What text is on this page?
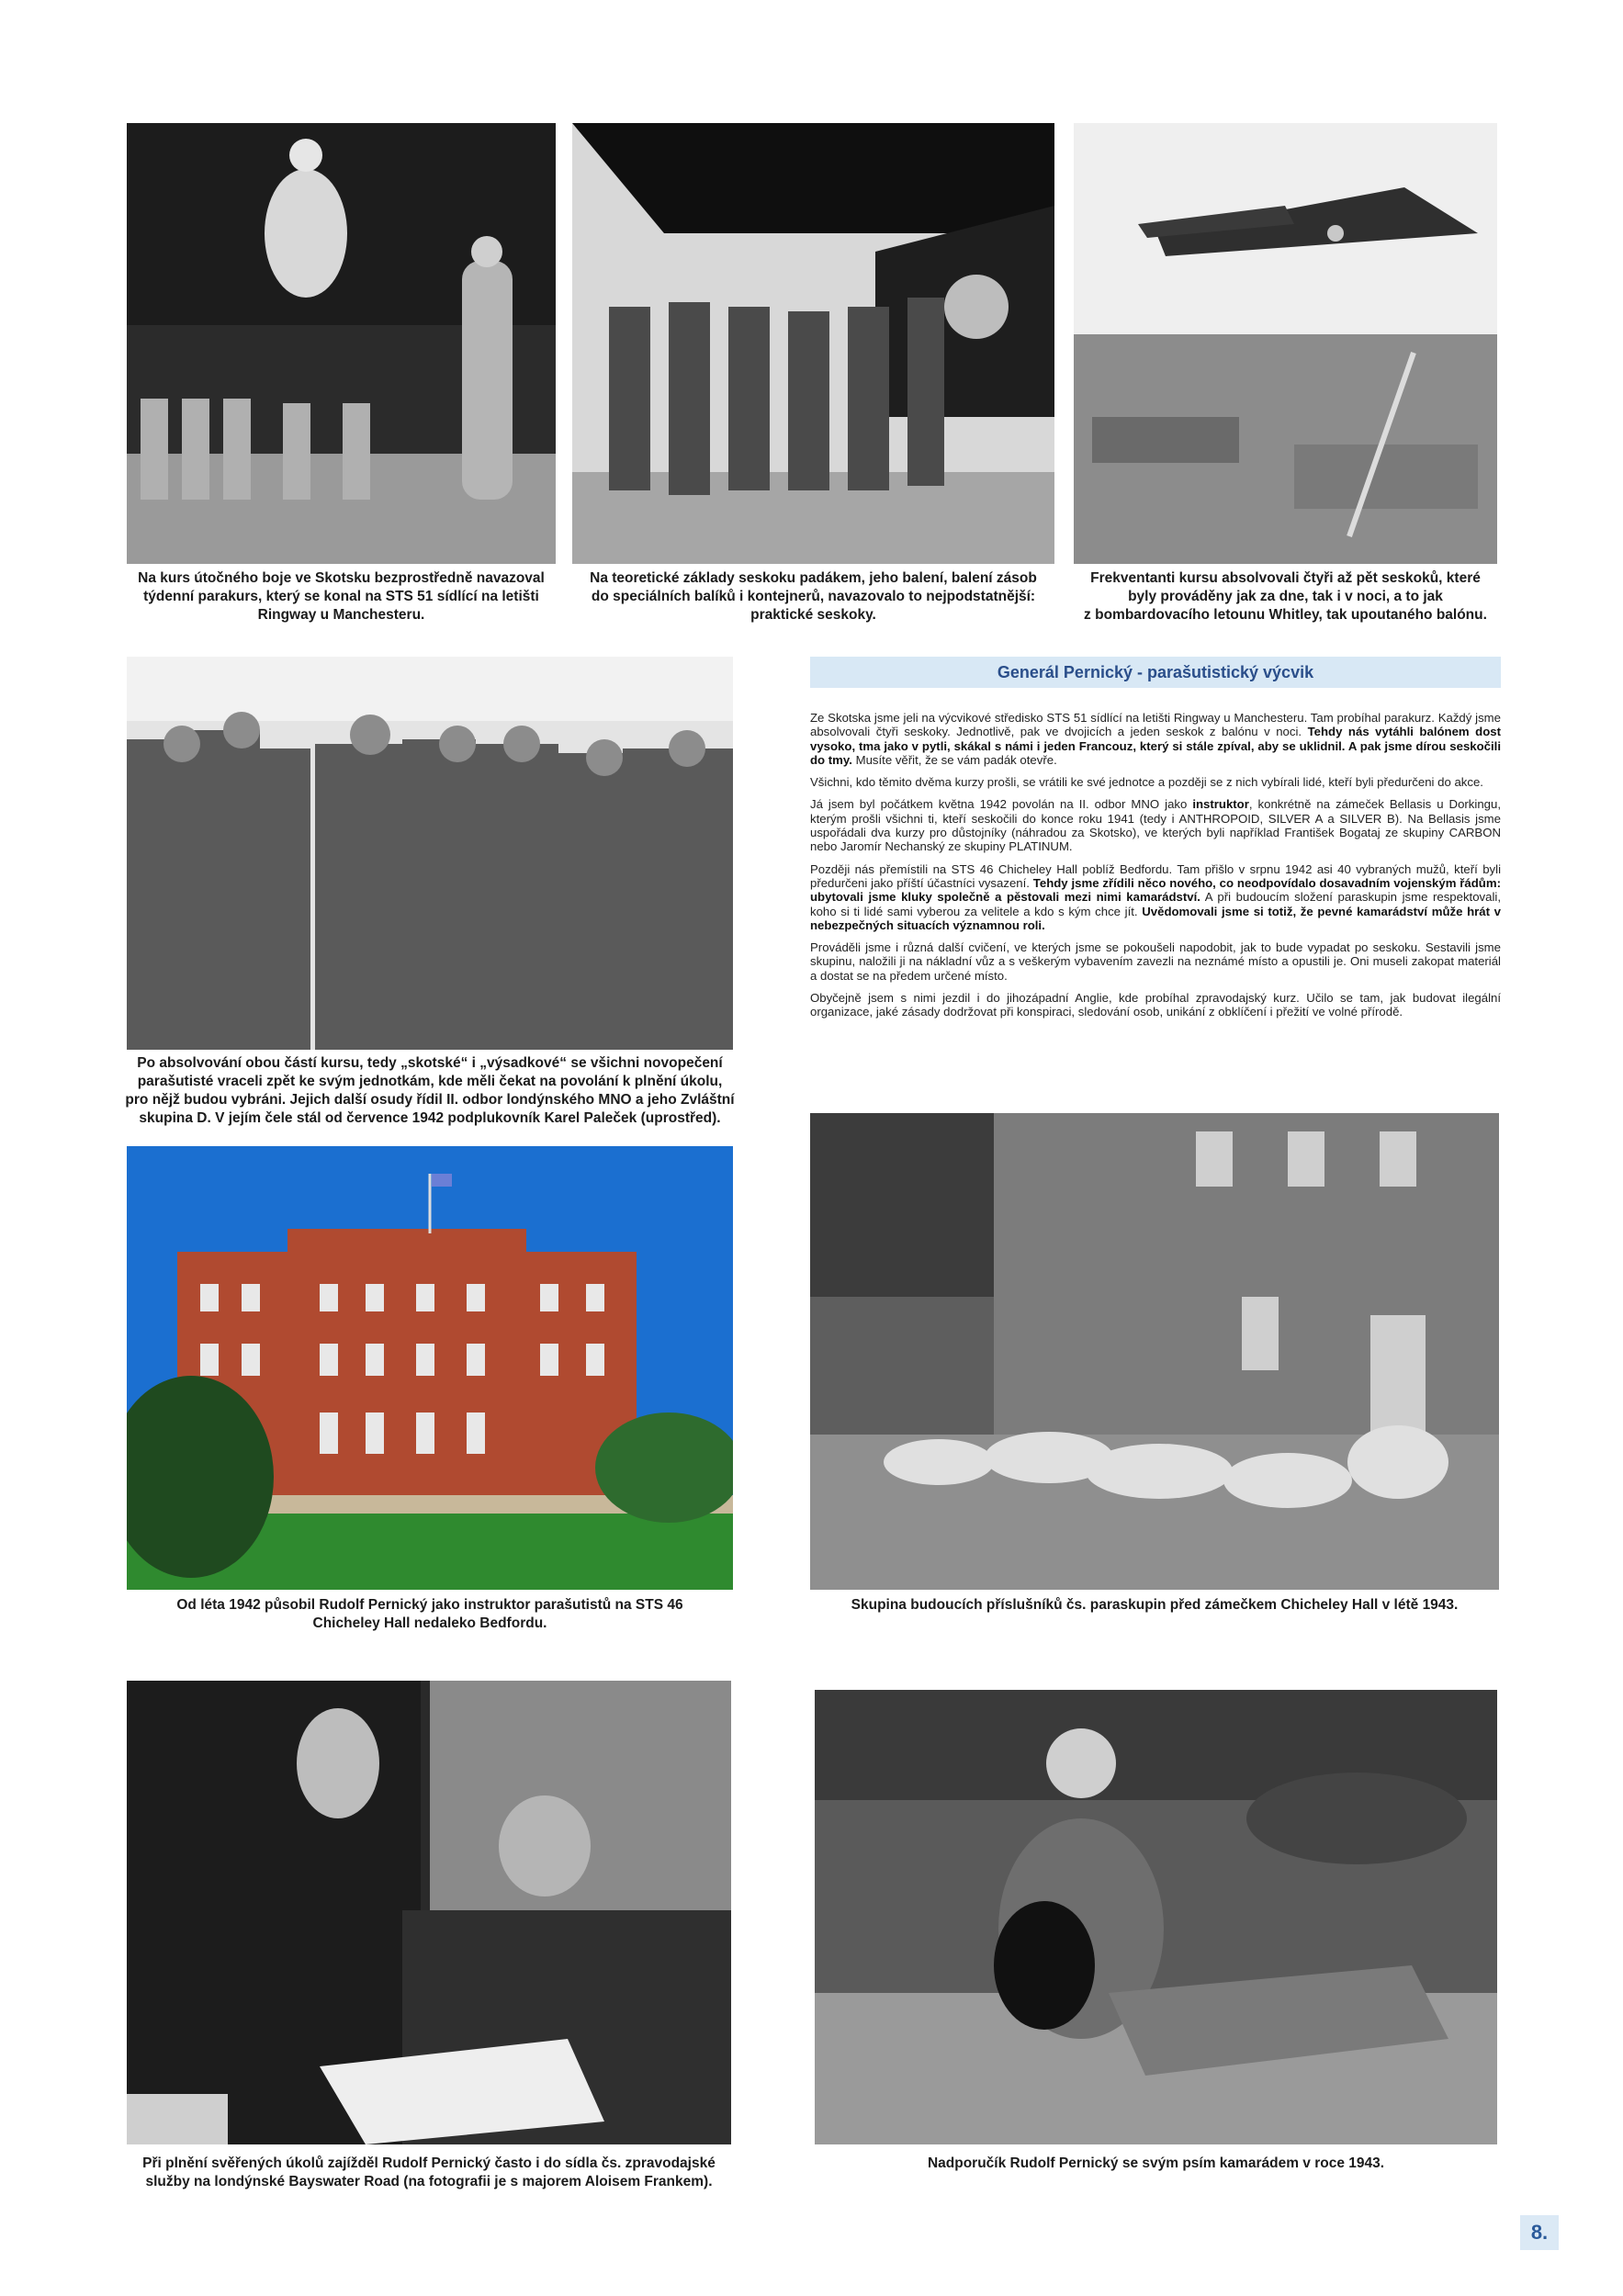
Na kurs útočného boje ve Skotsku bezprostředně navazoval
týdenní parakurs, který se konal na STS 51 sídlící na letišti
Ringway u Manchesteru.
Na teoretické základy seskoku padákem, jeho balení, balení zásob
do speciálních balíků i kontejnerů, navazovalo to nejpodstatnější:
praktické seskoky.
Frekventanti kursu absolvovali čtyři až pět seskoků, které
byly prováděny jak za dne, tak i v noci, a to jak
z bombardovacího letounu Whitley, tak upoutaného balónu.
Po absolvování obou částí kursu, tedy „skotské“ i „výsadkové“ se všichni novopečení
parašutisté vraceli zpět ke svým jednotkám, kde měli čekat na povolání k plnění úkolu,
pro nějž budou vybráni. Jejich další osudy řídil II. odbor londýnského MNO a jeho Zvláštní
skupina D. V jejím čele stál od července 1942 podplukovník Karel Paleček (uprostřed).
Generál Pernický - parašutistický výcvik

Ze Skotska jsme jeli na výcvikové středisko STS 51 sídlící na letišti Ringway u Manchesteru. Tam probíhal parakurz. Každý jsme absolvovali čtyři seskoky. Jednotlivě, pak ve dvojicích a jeden seskok z balónu v noci. Tehdy nás vytáhli balónem dost vysoko, tma jako v pytli, skákal s námi i jeden Francouz, který si stále zpíval, aby se uklidnil. A pak jsme dírou seskočili do tmy. Musíte věřit, že se vám padák otevře.

Všichni, kdo těmito dvěma kurzy prošli, se vrátili ke své jednotce a později se z nich vybírali lidé, kteří byli předurčeni do akce.

Já jsem byl počátkem května 1942 povolán na II. odbor MNO jako instruktor, konkrétně na zámeček Bellasis u Dorkingu, kterým prošli všichni ti, kteří seskočili do konce roku 1941 (tedy i ANTHROPOID, SILVER A a SILVER B). Na Bellasis jsme uspořádali dva kurzy pro důstojníky (náhradou za Skotsko), ve kterých byli například František Bogataj ze skupiny CARBON nebo Jaromír Nechanský ze skupiny PLATINUM.

Později nás přemístili na STS 46 Chicheley Hall poblíž Bedfordu. Tam přišlo v srpnu 1942 asi 40 vybraných mužů, kteří byli předurčeni jako příští účastníci vysazení. Tehdy jsme zřídili něco nového, co neodpovídalo dosavadním vojenským řádům: ubytovali jsme kluky společně a pěstovali mezi nimi kamarádství. A při budoucím složení paraskupin jsme respektovali, koho si ti lidé sami vyberou za velitele a kdo s kým chce jít. Uvědomovali jsme si totiž, že pevné kamarádství může hrát v nebezpečných situacích významnou roli.

Prováděli jsme i různá další cvičení, ve kterých jsme se pokoušeli napodobit, jak to bude vypadat po seskoku. Sestavili jsme skupinu, naložili ji na nákladní vůz a s veškerým vybavením zavezli na neznámé místo a opustili je. Oni museli zakopat materiál a dostat se na předem určené místo.

Obyčejně jsem s nimi jezdil i do jihozápadní Anglie, kde probíhal zpravodajský kurz. Učilo se tam, jak budovat ilegální organizace, jaké zásady dodržovat při konspiraci, sledování osob, unikání z obklíčení i přežití ve volné přírodě.

Od léta 1942 působil Rudolf Pernický jako instruktor parašutistů na STS 46
Chicheley Hall nedaleko Bedfordu.
Skupina budoucích příslušníků čs. paraskupin před zámečkem Chicheley Hall v létě 1943.
Při plnění svěřených úkolů zajížděl Rudolf Pernický často i do sídla čs. zpravodajské
služby na londýnské Bayswater Road (na fotografii je s majorem Aloisem Frankem).
Nadporučík Rudolf Pernický se svým psím kamarádem v roce 1943.
8.
